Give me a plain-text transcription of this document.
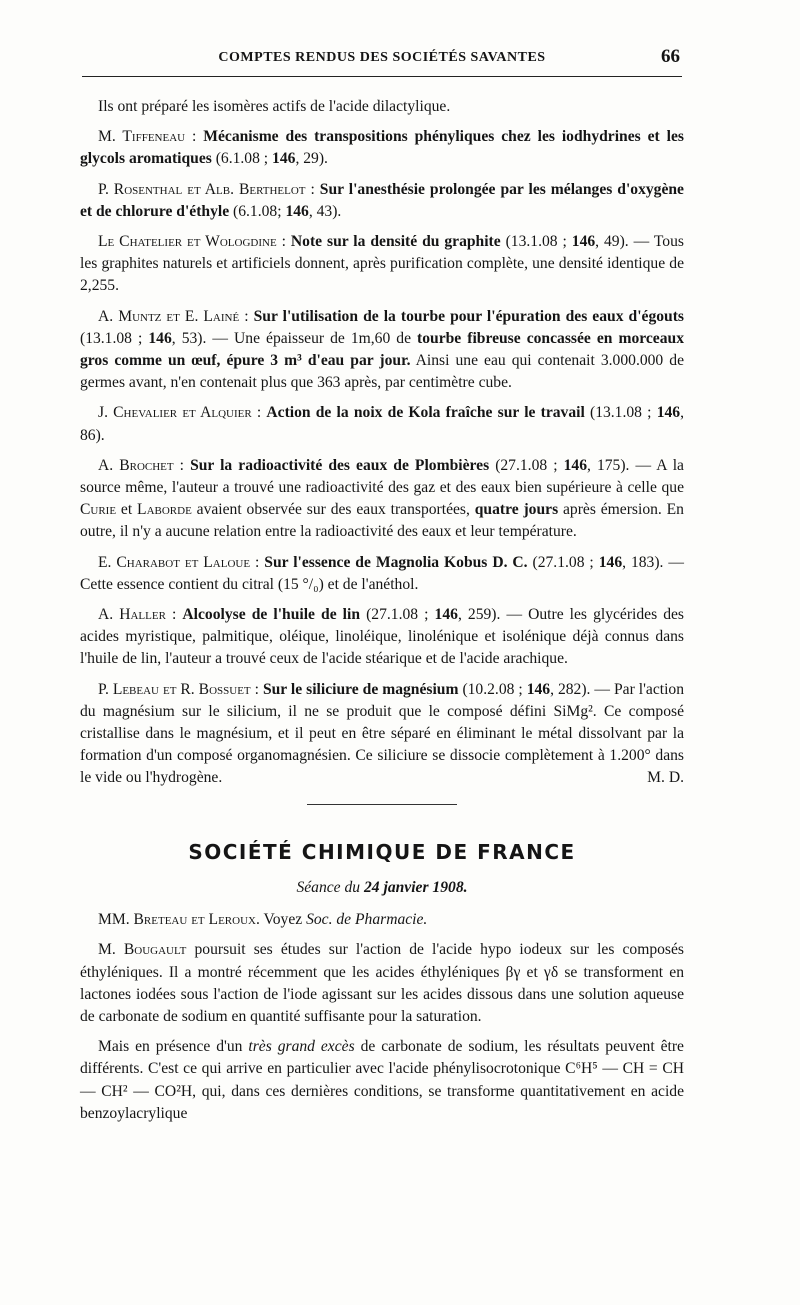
COMPTES RENDUS DES SOCIÉTÉS SAVANTES	66

Ils ont préparé les isomères actifs de l'acide dilactylique.

M. Tiffeneau : Mécanisme des transpositions phényliques chez les iodhydrines et les glycols aromatiques (6.1.08 ; 146, 29).

P. Rosenthal et Alb. Berthelot : Sur l'anesthésie prolongée par les mélanges d'oxygène et de chlorure d'éthyle (6.1.08; 146, 43).

Le Chatelier et Wologdine : Note sur la densité du graphite (13.1.08 ; 146, 49). — Tous les graphites naturels et artificiels donnent, après purification complète, une densité identique de 2,255.

A. Muntz et E. Lainé : Sur l'utilisation de la tourbe pour l'épuration des eaux d'égouts (13.1.08 ; 146, 53). — Une épaisseur de 1m,60 de tourbe fibreuse concassée en morceaux gros comme un œuf, épure 3 m³ d'eau par jour. Ainsi une eau qui contenait 3.000.000 de germes avant, n'en contenait plus que 363 après, par centimètre cube.

J. Chevalier et Alquier : Action de la noix de Kola fraîche sur le travail (13.1.08 ; 146, 86).

A. Brochet : Sur la radioactivité des eaux de Plombières (27.1.08 ; 146, 175). — A la source même, l'auteur a trouvé une radioactivité des gaz et des eaux bien supérieure à celle que Curie et Laborde avaient observée sur des eaux transportées, quatre jours après émersion. En outre, il n'y a aucune relation entre la radioactivité des eaux et leur température.

E. Charabot et Laloue : Sur l'essence de Magnolia Kobus D. C. (27.1.08 ; 146, 183). — Cette essence contient du citral (15 °/₀) et de l'anéthol.

A. Haller : Alcoolyse de l'huile de lin (27.1.08 ; 146, 259). — Outre les glycérides des acides myristique, palmitique, oléique, linoléique, linolénique et isolénique déjà connus dans l'huile de lin, l'auteur a trouvé ceux de l'acide stéarique et de l'acide arachique.

P. Lebeau et R. Bossuet : Sur le siliciure de magnésium (10.2.08 ; 146, 282). — Par l'action du magnésium sur le silicium, il ne se produit que le composé défini SiMg². Ce composé cristallise dans le magnésium, et il peut en être séparé en éliminant le métal dissolvant par la formation d'un composé organomagnésien. Ce siliciure se dissocie complètement à 1.200° dans le vide ou l'hydrogène.	M. D.

SOCIÉTÉ CHIMIQUE DE FRANCE
Séance du 24 janvier 1908.

MM. Breteau et Leroux. Voyez Soc. de Pharmacie.

M. Bougault poursuit ses études sur l'action de l'acide hypo iodeux sur les composés éthyléniques. Il a montré récemment que les acides éthyléniques βγ et γδ se transforment en lactones iodées sous l'action de l'iode agissant sur les acides dissous dans une solution aqueuse de carbonate de sodium en quantité suffisante pour la saturation.

Mais en présence d'un très grand excès de carbonate de sodium, les résultats peuvent être différents. C'est ce qui arrive en particulier avec l'acide phénylisocrotonique C⁶H⁵ — CH = CH — CH² — CO²H, qui, dans ces dernières conditions, se transforme quantitativement en acide benzoylacrylique
